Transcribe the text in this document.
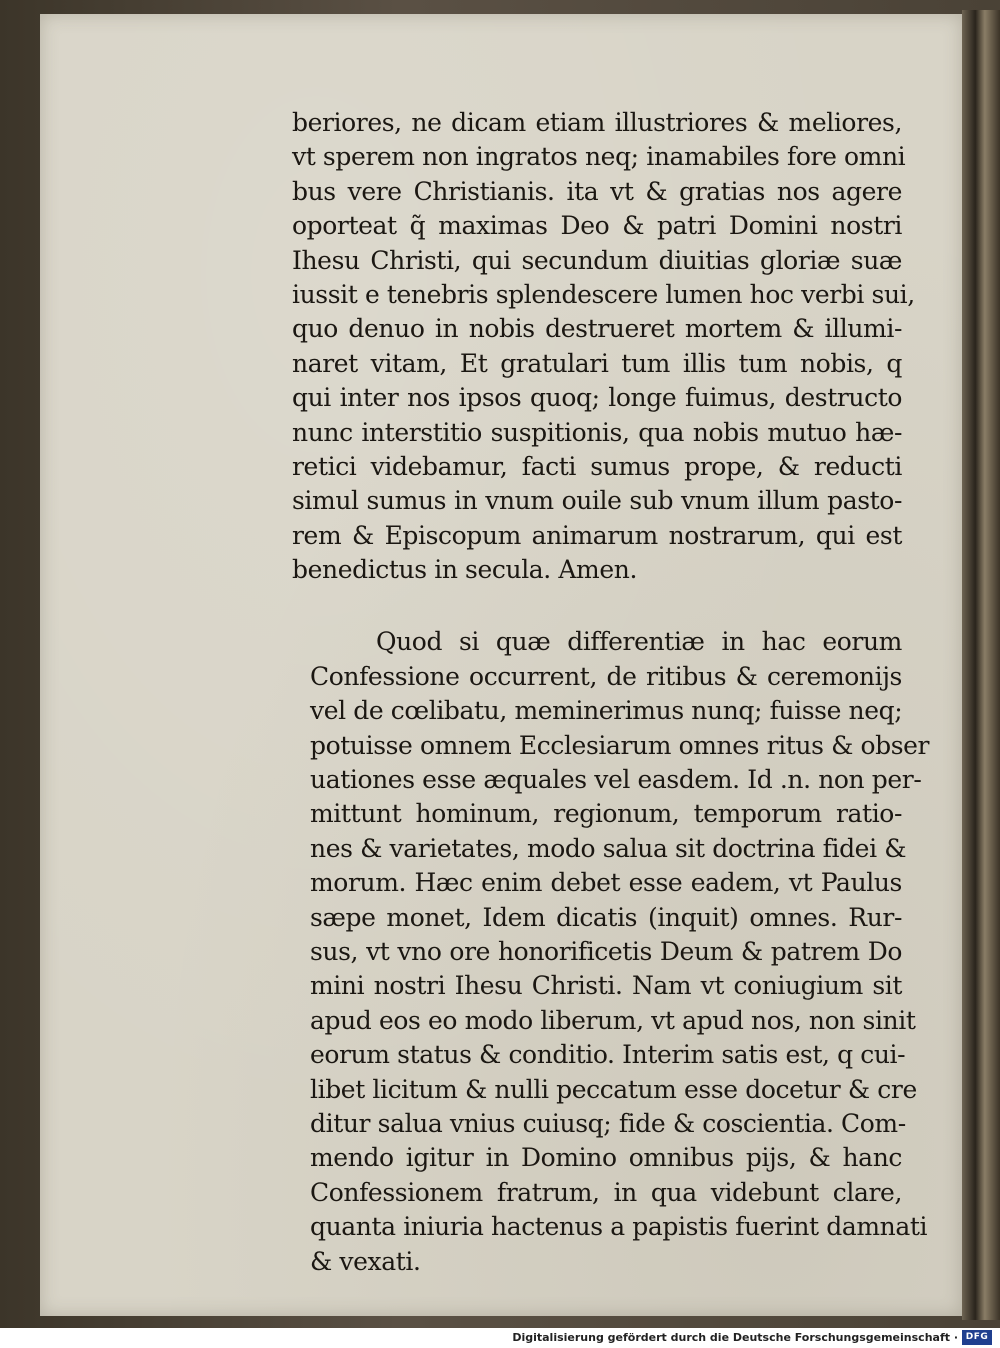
beriores, ne dicam etiam illustriores & meliores,
vt sperem non ingratos neq; inamabiles fore omni
bus vere Christianis. ita vt & gratias nos agere
oporteat q̃ maximas Deo & patri Domini nostri
Ihesu Christi, qui secundum diuitias gloriæ suæ
iussit e tenebris splendescere lumen hoc verbi sui,
quo denuo in nobis destrueret mortem & illumi-
naret vitam, Et gratulari tum illis tum nobis, q
qui inter nos ipsos quoq; longe fuimus, destructo
nunc interstitio suspitionis, qua nobis mutuo hæ-
retici videbamur, facti sumus prope, & reducti
simul sumus in vnum ouile sub vnum illum pasto-
rem & Episcopum animarum nostrarum, qui est
benedictus in secula. Amen.
Quod si quæ differentiæ in hac eorum
Confessione occurrent, de ritibus & ceremonijs
vel de cœlibatu, meminerimus nunq; fuisse neq;
potuisse omnem Ecclesiarum omnes ritus & obser
uationes esse æquales vel easdem. Id .n. non per-
mittunt hominum, regionum, temporum ratio-
nes & varietates, modo salua sit doctrina fidei &
morum. Hæc enim debet esse eadem, vt Paulus
sæpe monet, Idem dicatis (inquit) omnes. Rur-
sus, vt vno ore honorificetis Deum & patrem Do
mini nostri Ihesu Christi. Nam vt coniugium sit
apud eos eo modo liberum, vt apud nos, non sinit
eorum status & conditio. Interim satis est, q cui-
libet licitum & nulli peccatum esse docetur & cre
ditur salua vnius cuiusq; fide & coscientia. Com-
mendo igitur in Domino omnibus pijs, & hanc
Confessionem fratrum, in qua videbunt clare,
quanta iniuria hactenus a papistis fuerint damnati
& vexati.
Digitalisierung gefördert durch die Deutsche Forschungsgemeinschaft · DFG
